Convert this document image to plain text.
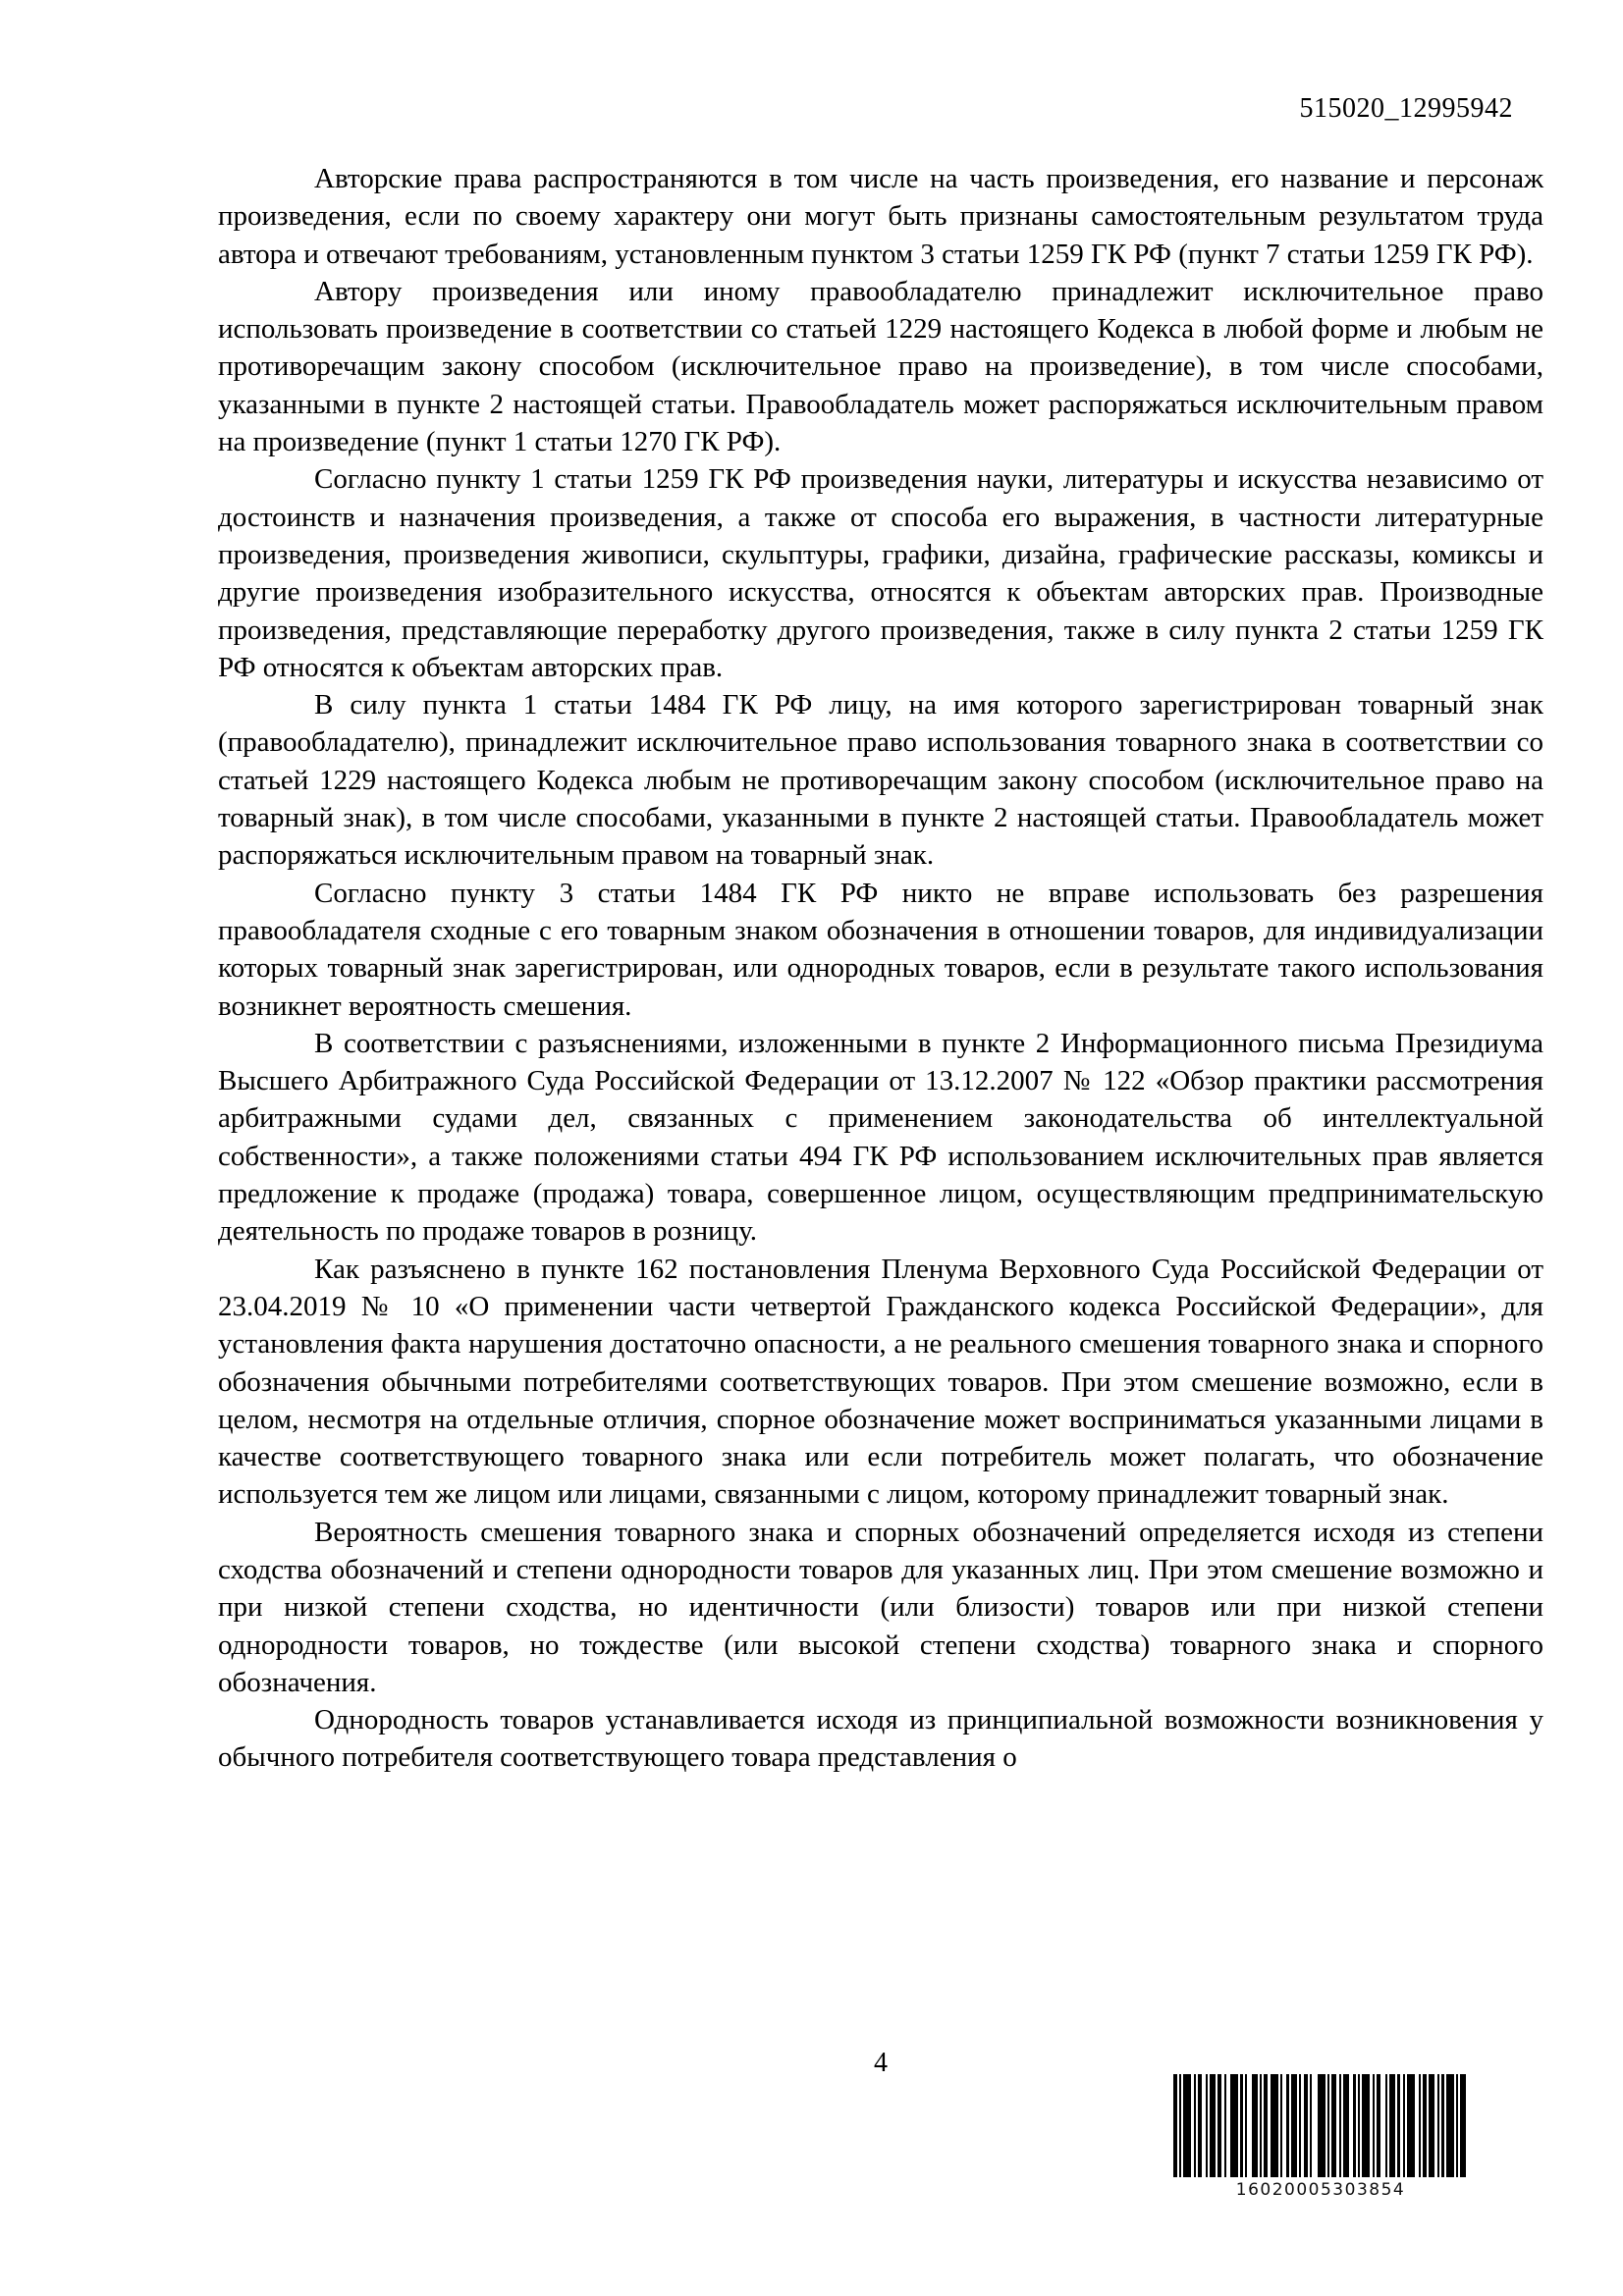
515020_12995942

Авторские права распространяются в том числе на часть произведения, его название и персонаж произведения, если по своему характеру они могут быть признаны самостоятельным результатом труда автора и отвечают требованиям, установленным пунктом 3 статьи 1259 ГК РФ (пункт 7 статьи 1259 ГК РФ).

Автору произведения или иному правообладателю принадлежит исключительное право использовать произведение в соответствии со статьей 1229 настоящего Кодекса в любой форме и любым не противоречащим закону способом (исключительное право на произведение), в том числе способами, указанными в пункте 2 настоящей статьи. Правообладатель может распоряжаться исключительным правом на произведение (пункт 1 статьи 1270 ГК РФ).

Согласно пункту 1 статьи 1259 ГК РФ произведения науки, литературы и искусства независимо от достоинств и назначения произведения, а также от способа его выражения, в частности литературные произведения, произведения живописи, скульптуры, графики, дизайна, графические рассказы, комиксы и другие произведения изобразительного искусства, относятся к объектам авторских прав. Производные произведения, представляющие переработку другого произведения, также в силу пункта 2 статьи 1259 ГК РФ относятся к объектам авторских прав.

В силу пункта 1 статьи 1484 ГК РФ лицу, на имя которого зарегистрирован товарный знак (правообладателю), принадлежит исключительное право использования товарного знака в соответствии со статьей 1229 настоящего Кодекса любым не противоречащим закону способом (исключительное право на товарный знак), в том числе способами, указанными в пункте 2 настоящей статьи. Правообладатель может распоряжаться исключительным правом на товарный знак.

Согласно пункту 3 статьи 1484 ГК РФ никто не вправе использовать без разрешения правообладателя сходные с его товарным знаком обозначения в отношении товаров, для индивидуализации которых товарный знак зарегистрирован, или однородных товаров, если в результате такого использования возникнет вероятность смешения.

В соответствии с разъяснениями, изложенными в пункте 2 Информационного письма Президиума Высшего Арбитражного Суда Российской Федерации от 13.12.2007 № 122 «Обзор практики рассмотрения арбитражными судами дел, связанных с применением законодательства об интеллектуальной собственности», а также положениями статьи 494 ГК РФ использованием исключительных прав является предложение к продаже (продажа) товара, совершенное лицом, осуществляющим предпринимательскую деятельность по продаже товаров в розницу.

Как разъяснено в пункте 162 постановления Пленума Верховного Суда Российской Федерации от 23.04.2019 № 10 «О применении части четвертой Гражданского кодекса Российской Федерации», для установления факта нарушения достаточно опасности, а не реального смешения товарного знака и спорного обозначения обычными потребителями соответствующих товаров. При этом смешение возможно, если в целом, несмотря на отдельные отличия, спорное обозначение может восприниматься указанными лицами в качестве соответствующего товарного знака или если потребитель может полагать, что обозначение используется тем же лицом или лицами, связанными с лицом, которому принадлежит товарный знак.

Вероятность смешения товарного знака и спорных обозначений определяется исходя из степени сходства обозначений и степени однородности товаров для указанных лиц. При этом смешение возможно и при низкой степени сходства, но идентичности (или близости) товаров или при низкой степени однородности товаров, но тождестве (или высокой степени сходства) товарного знака и спорного обозначения.

Однородность товаров устанавливается исходя из принципиальной возможности возникновения у обычного потребителя соответствующего товара представления о

4
16020005303854
